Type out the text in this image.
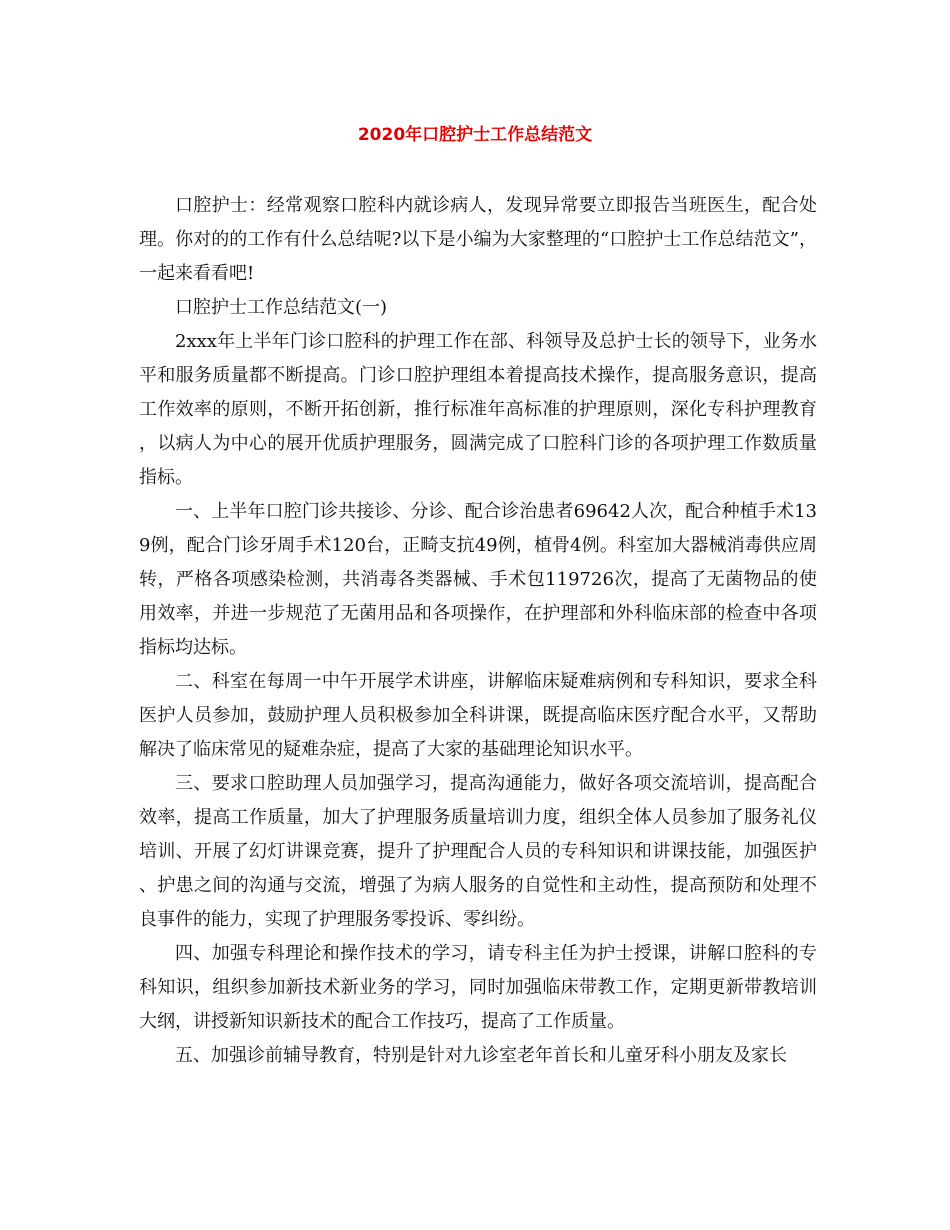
2020年口腔护士工作总结范文

口腔护士：经常观察口腔科内就诊病人，发现异常要立即报告当班医生，配合处理。你对的的工作有什么总结呢?以下是小编为大家整理的“口腔护士工作总结范文”，一起来看看吧!

口腔护士工作总结范文(一)

2xxx年上半年门诊口腔科的护理工作在部、科领导及总护士长的领导下，业务水平和服务质量都不断提高。门诊口腔护理组本着提高技术操作，提高服务意识，提高工作效率的原则，不断开拓创新，推行标准年高标准的护理原则，深化专科护理教育，以病人为中心的展开优质护理服务，圆满完成了口腔科门诊的各项护理工作数质量指标。

一、上半年口腔门诊共接诊、分诊、配合诊治患者69642人次，配合种植手术139例，配合门诊牙周手术120台，正畸支抗49例，植骨4例。科室加大器械消毒供应周转，严格各项感染检测，共消毒各类器械、手术包119726次，提高了无菌物品的使用效率，并进一步规范了无菌用品和各项操作，在护理部和外科临床部的检查中各项指标均达标。

二、科室在每周一中午开展学术讲座，讲解临床疑难病例和专科知识，要求全科医护人员参加，鼓励护理人员积极参加全科讲课，既提高临床医疗配合水平，又帮助解决了临床常见的疑难杂症，提高了大家的基础理论知识水平。

三、要求口腔助理人员加强学习，提高沟通能力，做好各项交流培训，提高配合效率，提高工作质量，加大了护理服务质量培训力度，组织全体人员参加了服务礼仪培训、开展了幻灯讲课竞赛，提升了护理配合人员的专科知识和讲课技能，加强医护、护患之间的沟通与交流，增强了为病人服务的自觉性和主动性，提高预防和处理不良事件的能力，实现了护理服务零投诉、零纠纷。

四、加强专科理论和操作技术的学习，请专科主任为护士授课，讲解口腔科的专科知识，组织参加新技术新业务的学习，同时加强临床带教工作，定期更新带教培训大纲，讲授新知识新技术的配合工作技巧，提高了工作质量。

五、加强诊前辅导教育，特别是针对九诊室老年首长和儿童牙科小朋友及家长
